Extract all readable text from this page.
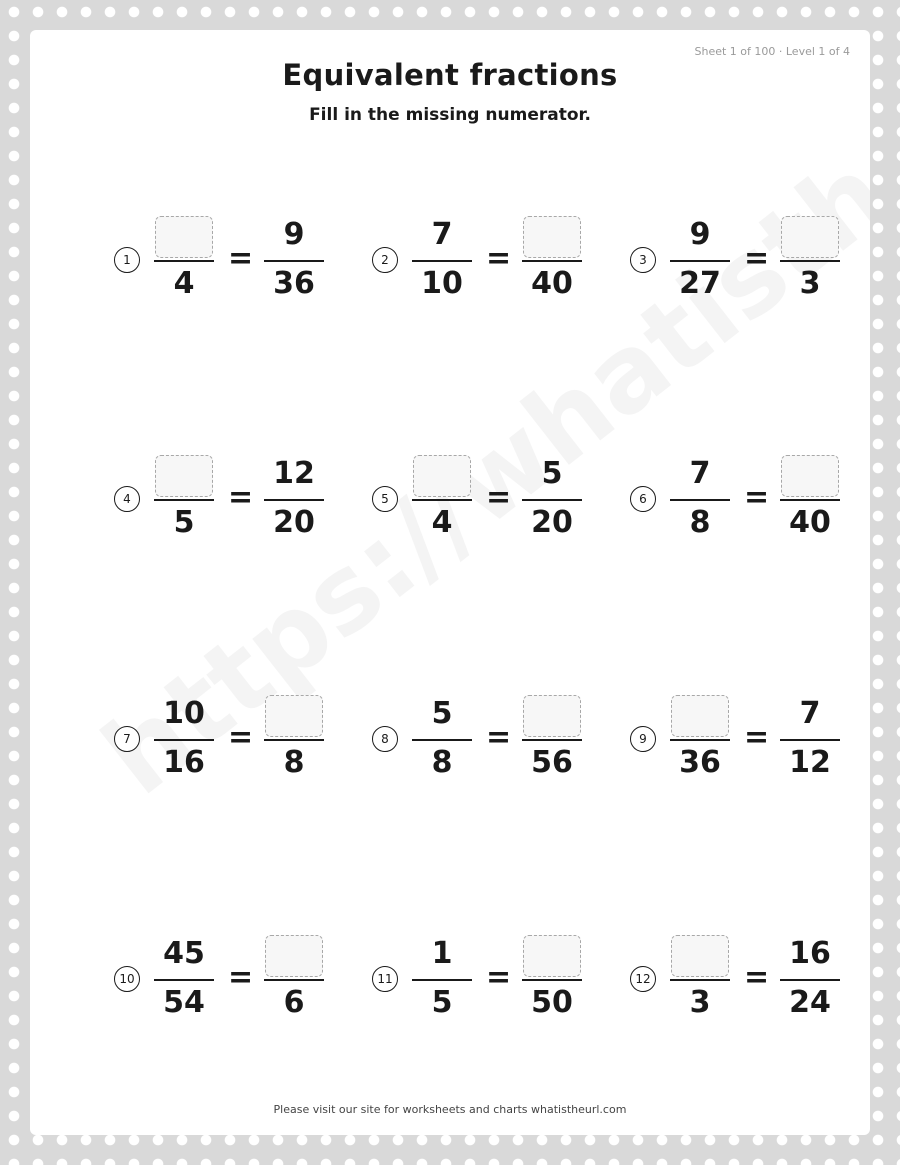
Sheet 1 of 100 · Level 1 of 4
Equivalent fractions
Fill in the missing numerator.
1
4
=
9
36
2
7
10
=
40
3
9
27
=
3
4
5
=
12
20
5
4
=
5
20
6
7
8
=
40
7
10
16
=
8
8
5
8
=
56
9
36
=
7
12
10
45
54
=
6
11
1
5
=
50
12
3
=
16
24
Please visit our site for worksheets and charts whatistheurl.com
